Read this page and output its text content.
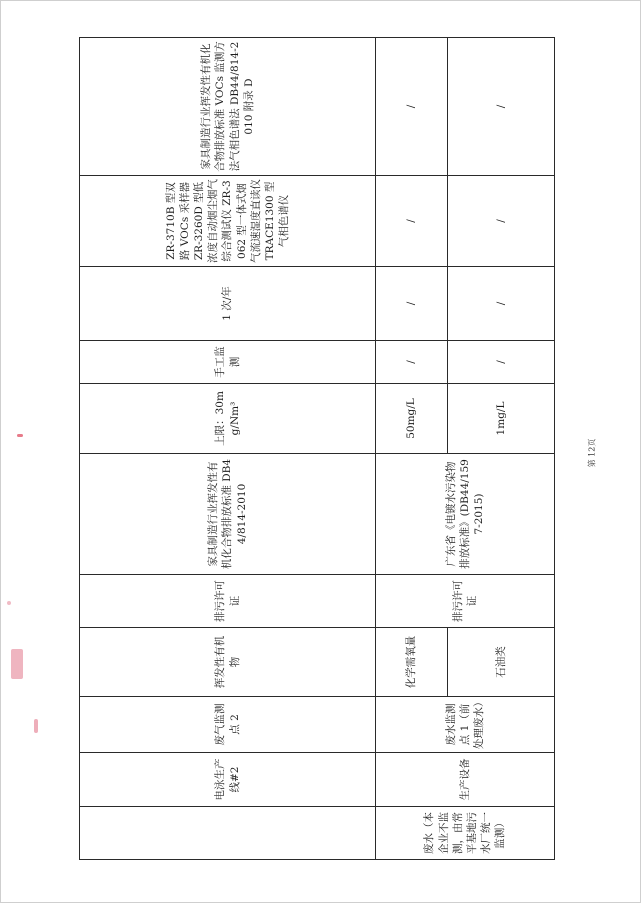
	电泳生产线#2	废气监测点 2	挥发性有机物	排污许可证	家具制造行业挥发性有机化合物排放标准 DB44/814-2010	上限：30mg/Nm³	手工监测	1 次/年	ZR-3710B 型双路 VOCs 采样器 ZR-3260D 型低浓度自动烟尘烟气综合测试仪 ZR-3062 型一体式烟气流速湿度直读仪 TRACE1300 型气相色谱仪	家具制造行业挥发性有机化合物排放标准 VOCs 监测方法气相色谱法 DB44/814-2010 附录 D
废水（本企业不监测，由常平基地污水厂统一监测）	生产设备	废水监测点 1（前处理废水）	化学需氧量	排污许可证	广东省《电镀水污染物排放标准》(DB44/1597-2015)	50mg/L	/	/	/	/
			石油类			1mg/L	/	/	/	/
第 12页
